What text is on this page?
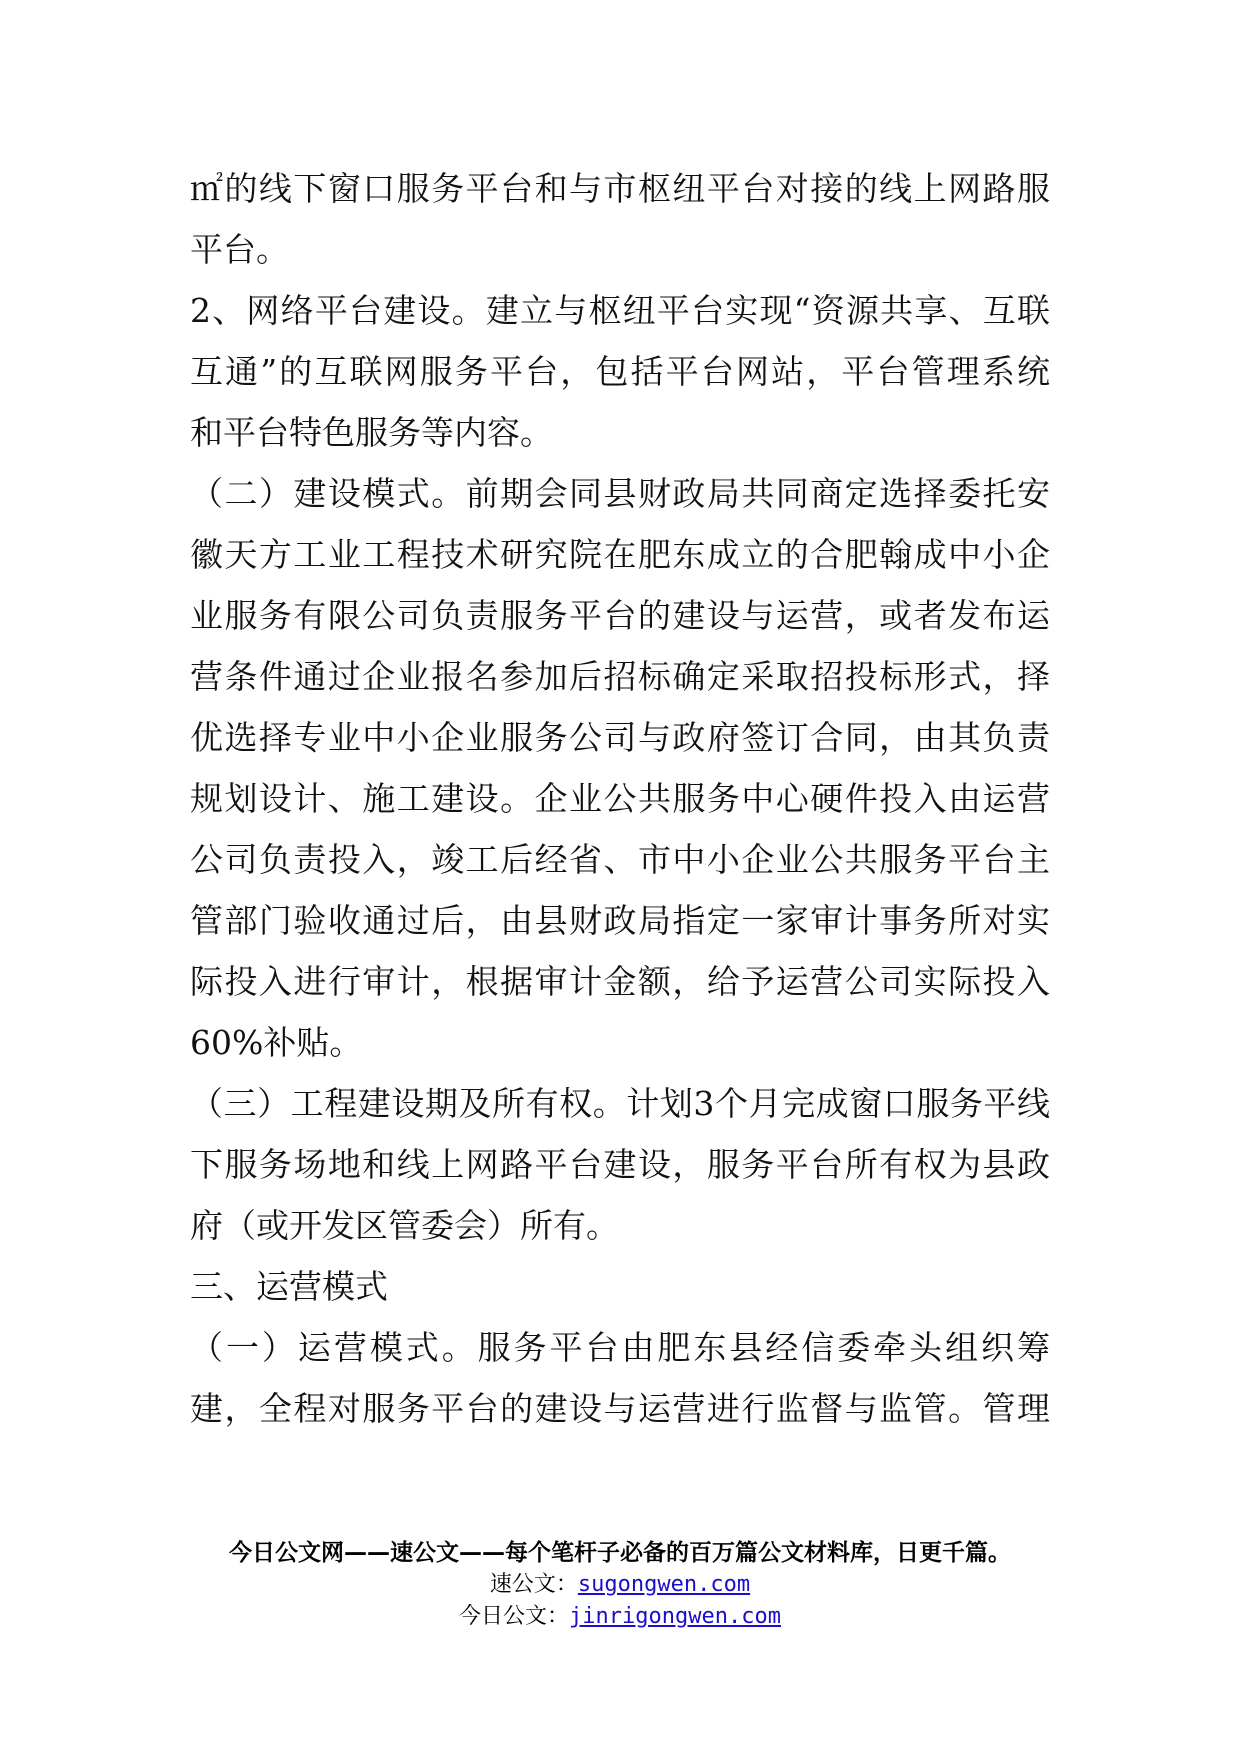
㎡的线下窗口服务平台和与市枢纽平台对接的线上网路服
平台。
2、网络平台建设。建立与枢纽平台实现“资源共享、互联
互通”的互联网服务平台，包括平台网站，平台管理系统
和平台特色服务等内容。
（二）建设模式。前期会同县财政局共同商定选择委托安
徽天方工业工程技术研究院在肥东成立的合肥翰成中小企
业服务有限公司负责服务平台的建设与运营，或者发布运
营条件通过企业报名参加后招标确定采取招投标形式，择
优选择专业中小企业服务公司与政府签订合同，由其负责
规划设计、施工建设。企业公共服务中心硬件投入由运营
公司负责投入，竣工后经省、市中小企业公共服务平台主
管部门验收通过后，由县财政局指定一家审计事务所对实
际投入进行审计，根据审计金额，给予运营公司实际投入
60%补贴。
（三）工程建设期及所有权。计划3个月完成窗口服务平线
下服务场地和线上网路平台建设，服务平台所有权为县政
府（或开发区管委会）所有。
三、运营模式
（一）运营模式。服务平台由肥东县经信委牵头组织筹
建，全程对服务平台的建设与运营进行监督与监管。管理
今日公文网——速公文——每个笔杆子必备的百万篇公文材料库，日更千篇。
速公文：sugongwen.com
今日公文：jinrigongwen.com
